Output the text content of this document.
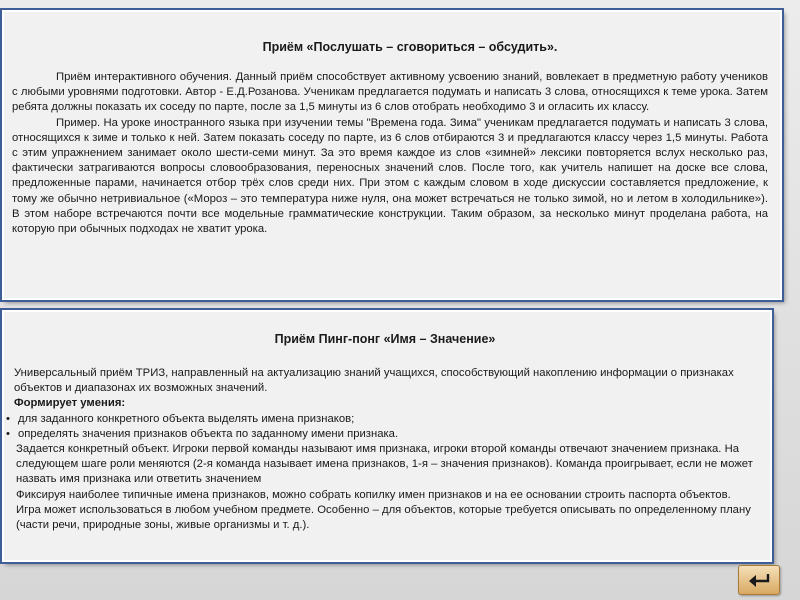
Приём «Послушать – сговориться – обсудить».

Приём интерактивного обучения. Данный приём способствует активному усвоению знаний, вовлекает в предметную работу учеников с любыми уровнями подготовки. Автор - Е.Д.Розанова. Ученикам предлагается подумать и написать 3 слова, относящихся к теме урока. Затем ребята должны показать их соседу по парте, после за 1,5 минуты из 6 слов отобрать необходимо 3 и огласить их классу.

Пример. На уроке иностранного языка при изучении темы "Времена года. Зима" ученикам предлагается подумать и написать 3 слова, относящихся к зиме и только к ней. Затем показать соседу по парте, из 6 слов отбираются 3 и предлагаются классу через 1,5 минуты. Работа с этим упражнением занимает около шести-семи минут. За это время каждое из слов «зимней» лексики повторяется вслух несколько раз, фактически затрагиваются вопросы словообразования, переносных значений слов. После того, как учитель напишет на доске все слова, предложенные парами, начинается отбор трёх слов среди них. При этом с каждым словом в ходе дискуссии составляется предложение, к тому же обычно нетривиальное («Мороз – это температура ниже нуля, она может встречаться не только зимой, но и летом в холодильнике»). В этом наборе встречаются почти все модельные грамматические конструкции. Таким образом, за несколько минут проделана работа, на которую при обычных подходах не хватит урока.

Приём Пинг-понг «Имя – Значение»

Универсальный приём ТРИЗ, направленный на актуализацию знаний учащихся, способствующий накоплению информации о признаках объектов и диапазонах их возможных значений.

Формирует умения:

• для заданного конкретного объекта выделять имена признаков;
• определять значения признаков объекта по заданному имени признака.

Задается конкретный объект. Игроки первой команды называют имя признака, игроки второй команды отвечают значением признака. На следующем шаге роли меняются (2-я команда называет имена признаков, 1-я – значения признаков). Команда проигрывает, если не может назвать имя признака или ответить значением

Фиксируя наиболее типичные имена признаков, можно собрать копилку имен признаков и на ее основании строить паспорта объектов. Игра может использоваться в любом учебном предмете. Особенно – для объектов, которые требуется описывать по определенному плану (части речи, природные зоны, живые организмы и т. д.).
